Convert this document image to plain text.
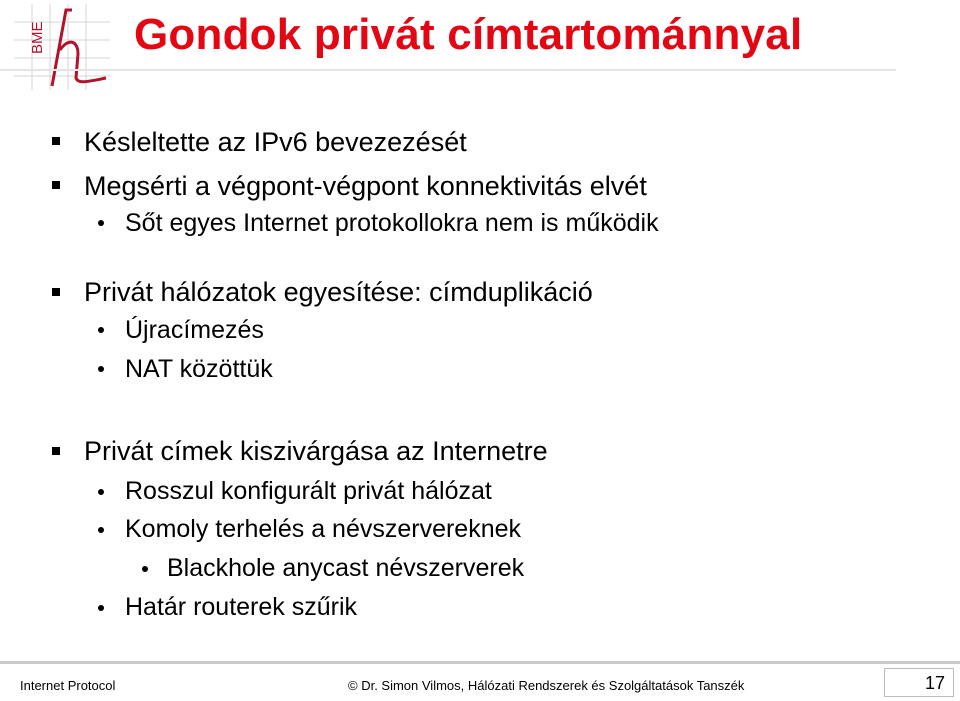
BME Gondok privát címtartománnyal
Késleltette az IPv6 bevezezését
Megsérti a végpont-végpont konnektivitás elvét
Sőt egyes Internet protokollokra nem is működik
Privát hálózatok egyesítése: címduplikáció
Újracímezés
NAT közöttük
Privát címek kiszivárgása az Internetre
Rosszul konfigurált privát hálózat
Komoly terhelés a névszervereknek
Blackhole anycast névszerverek
Határ routerek szűrik
Internet Protocol	© Dr. Simon Vilmos, Hálózati Rendszerek és Szolgáltatások Tanszék	17
